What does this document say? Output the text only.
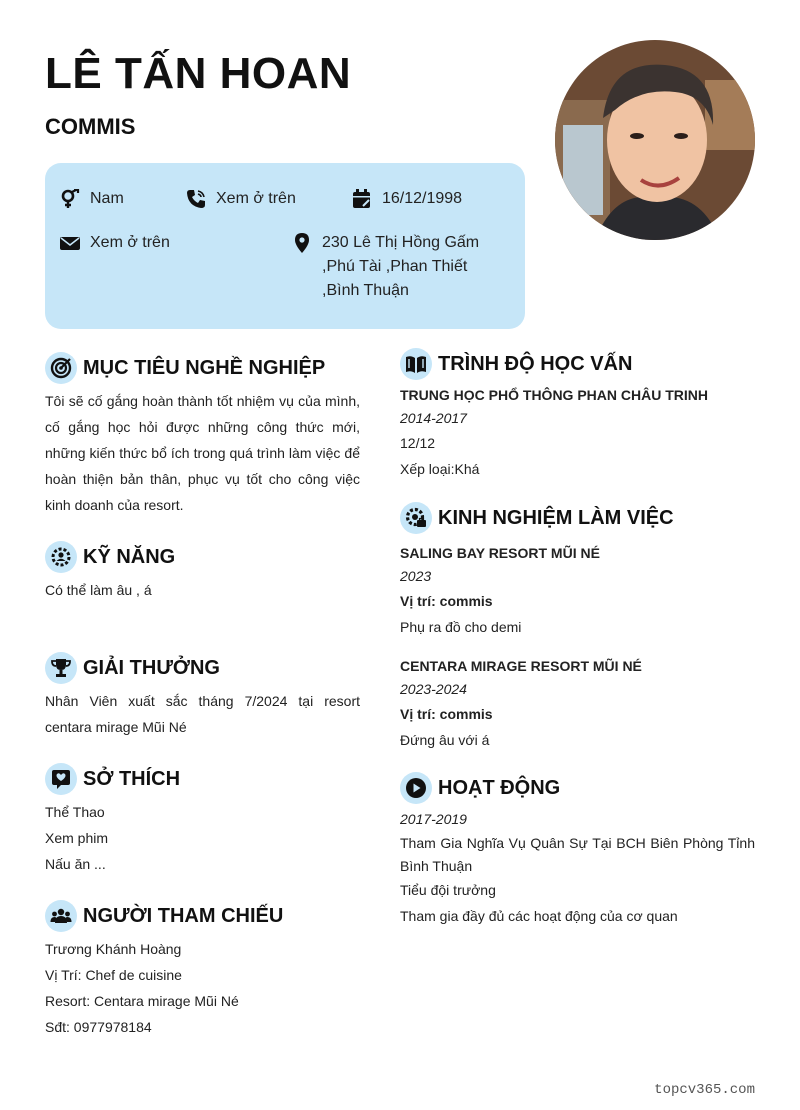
LÊ TẤN HOAN
COMMIS
Nam	Xem ở trên	16/12/1998
Xem ở trên	230 Lê Thị Hồng Gấm ,Phú Tài ,Phan Thiết ,Bình Thuận
MỤC TIÊU NGHỀ NGHIỆP
Tôi sẽ cố gắng hoàn thành tốt nhiệm vụ của mình, cố gắng học hỏi được những công thức mới, những kiến thức bổ ích trong quá trình làm việc để hoàn thiện bản thân, phục vụ tốt cho công việc kinh doanh của resort.
KỸ NĂNG
Có thể làm âu , á
GIẢI THƯỞNG
Nhân Viên xuất sắc tháng 7/2024 tại resort centara mirage Mũi Né
SỞ THÍCH
Thể Thao
Xem phim
Nấu ăn ...
NGƯỜI THAM CHIẾU
Trương Khánh Hoàng
Vị Trí: Chef de cuisine
Resort: Centara mirage Mũi Né
Sđt: 0977978184
TRÌNH ĐỘ HỌC VẤN
TRUNG HỌC PHỔ THÔNG PHAN CHÂU TRINH
2014-2017
12/12
Xếp loại:Khá
KINH NGHIỆM LÀM VIỆC
SALING BAY RESORT MŨI NÉ
2023
Vị trí: commis
Phụ ra đồ cho demi
CENTARA MIRAGE RESORT MŨI NÉ
2023-2024
Vị trí: commis
Đứng âu với á
HOẠT ĐỘNG
2017-2019
Tham Gia Nghĩa Vụ Quân Sự Tại BCH Biên Phòng Tỉnh Bình Thuận
Tiểu đội trưởng
Tham gia đầy đủ các hoạt động của cơ quan
topcv365.com
